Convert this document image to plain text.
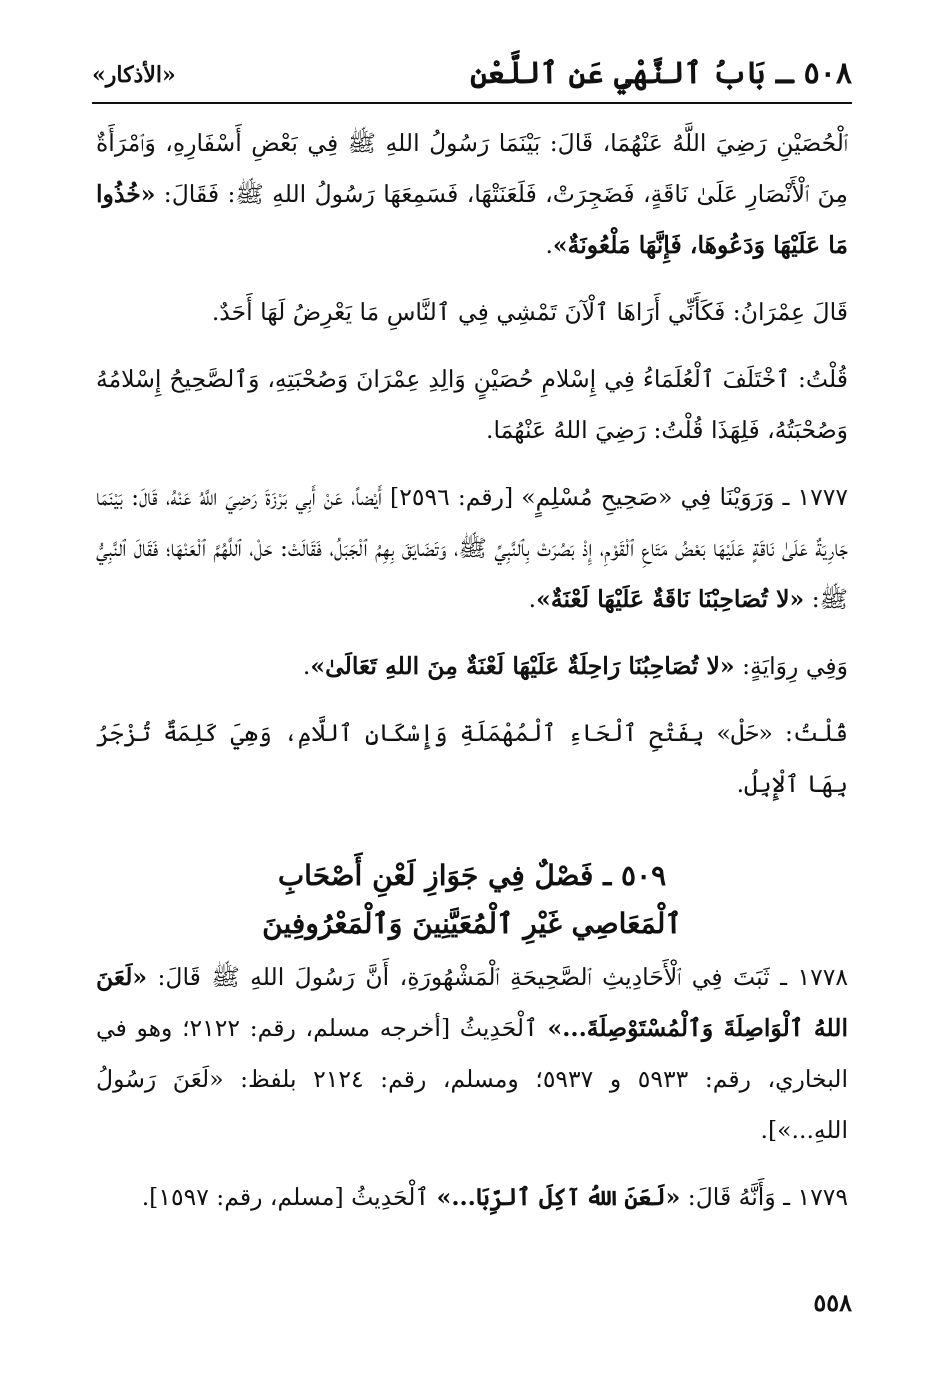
٥٠٨ ـ بَابُ ٱلنَّهْيِ عَنِ ٱللَّعْنِ
«الأذكار»

ٱلْحُصَيْنِ رَضِيَ اللَّهُ عَنْهُمَا، قَالَ: بَيْنَمَا رَسُولُ اللهِ ﷺ فِي بَعْضِ أَسْفَارِهِ، وَٱمْرَأَةٌ مِنَ ٱلْأَنْصَارِ عَلَىٰ نَاقَةٍ، فَضَجِرَتْ، فَلَعَنَتْهَا، فَسَمِعَهَا رَسُولُ اللهِ ﷺ: فَقَالَ: «خُذُوا مَا عَلَيْهَا وَدَعُوهَا، فَإِنَّهَا مَلْعُونَةٌ».

قَالَ عِمْرَانُ: فَكَأَنِّي أَرَاهَا ٱلْآنَ تَمْشِي فِي ٱلنَّاسِ مَا يَعْرِضُ لَهَا أَحَدٌ.

قُلْتُ: ٱخْتَلَفَ ٱلْعُلَمَاءُ فِي إِسْلامِ حُصَيْنٍ وَالِدِ عِمْرَانَ وَصُحْبَتِهِ، وَٱلصَّحِيحُ إِسْلامُهُ وَصُحْبَتُهُ، فَلِهَذَا قُلْتُ: رَضِيَ اللهُ عَنْهُمَا.

١٧٧٧ ـ وَرَوَيْنَا فِي «صَحِيحِ مُسْلِمٍ» [رقم: ٢٥٩٦] أَيْضاً، عَنْ أَبِي بَرْزَةَ رَضِيَ اللَّهُ عَنْهُ، قَالَ: بَيْنَمَا جَارِيَةٌ عَلَىٰ نَاقَةٍ عَلَيْهَا بَعْضُ مَتَاعِ ٱلْقَوْمِ، إِذْ بَصُرَتْ بِٱلنَّبِيِّ ﷺ، وَتَضَايَقَ بِهِمُ ٱلْجَبَلُ، فَقَالَتْ: حَلْ، ٱللَّهُمَّ ٱلْعَنْهَا؛ فَقَالَ ٱلنَّبِيُّ ﷺ: «لا تُصَاحِبْنَا نَاقَةٌ عَلَيْهَا لَعْنَةٌ».

وَفِي رِوَايَةٍ: «لا تُصَاحِبُنَا رَاحِلَةٌ عَلَيْهَا لَعْنَةٌ مِنَ اللهِ تَعَالَىٰ».

قُلْتُ: «حَلْ» بِفَتْحِ ٱلْحَاءِ ٱلْمُهْمَلَةِ وَإِسْكَانِ ٱللَّامِ، وَهِيَ كَلِمَةٌ تُزْجَرُ بِهَا ٱلْإِبِلُ.

٥٠٩ ـ فَصْلٌ فِي جَوَازِ لَعْنِ أَصْحَابِ
ٱلْمَعَاصِي غَيْرِ ٱلْمُعَيَّنِينَ وَٱلْمَعْرُوفِينَ

١٧٧٨ ـ ثَبَتَ فِي ٱلْأَحَادِيثِ ٱلصَّحِيحَةِ ٱلْمَشْهُورَةِ، أَنَّ رَسُولَ اللهِ ﷺ قَالَ: «لَعَنَ اللهُ ٱلْوَاصِلَةَ وَٱلْمُسْتَوْصِلَةَ...» ٱلْحَدِيثُ [أخرجه مسلم، رقم: ٢١٢٢؛ وهو في البخاري، رقم: ٥٩٣٣ و ٥٩٣٧؛ ومسلم، رقم: ٢١٢٤ بلفظ: «لَعَنَ رَسُولُ اللهِ...»].

١٧٧٩ ـ وَأَنَّهُ قَالَ: «لَعَنَ اللهُ آكِلَ ٱلرِّبَا...» ٱلْحَدِيثُ [مسلم، رقم: ١٥٩٧].

٥٥٨
